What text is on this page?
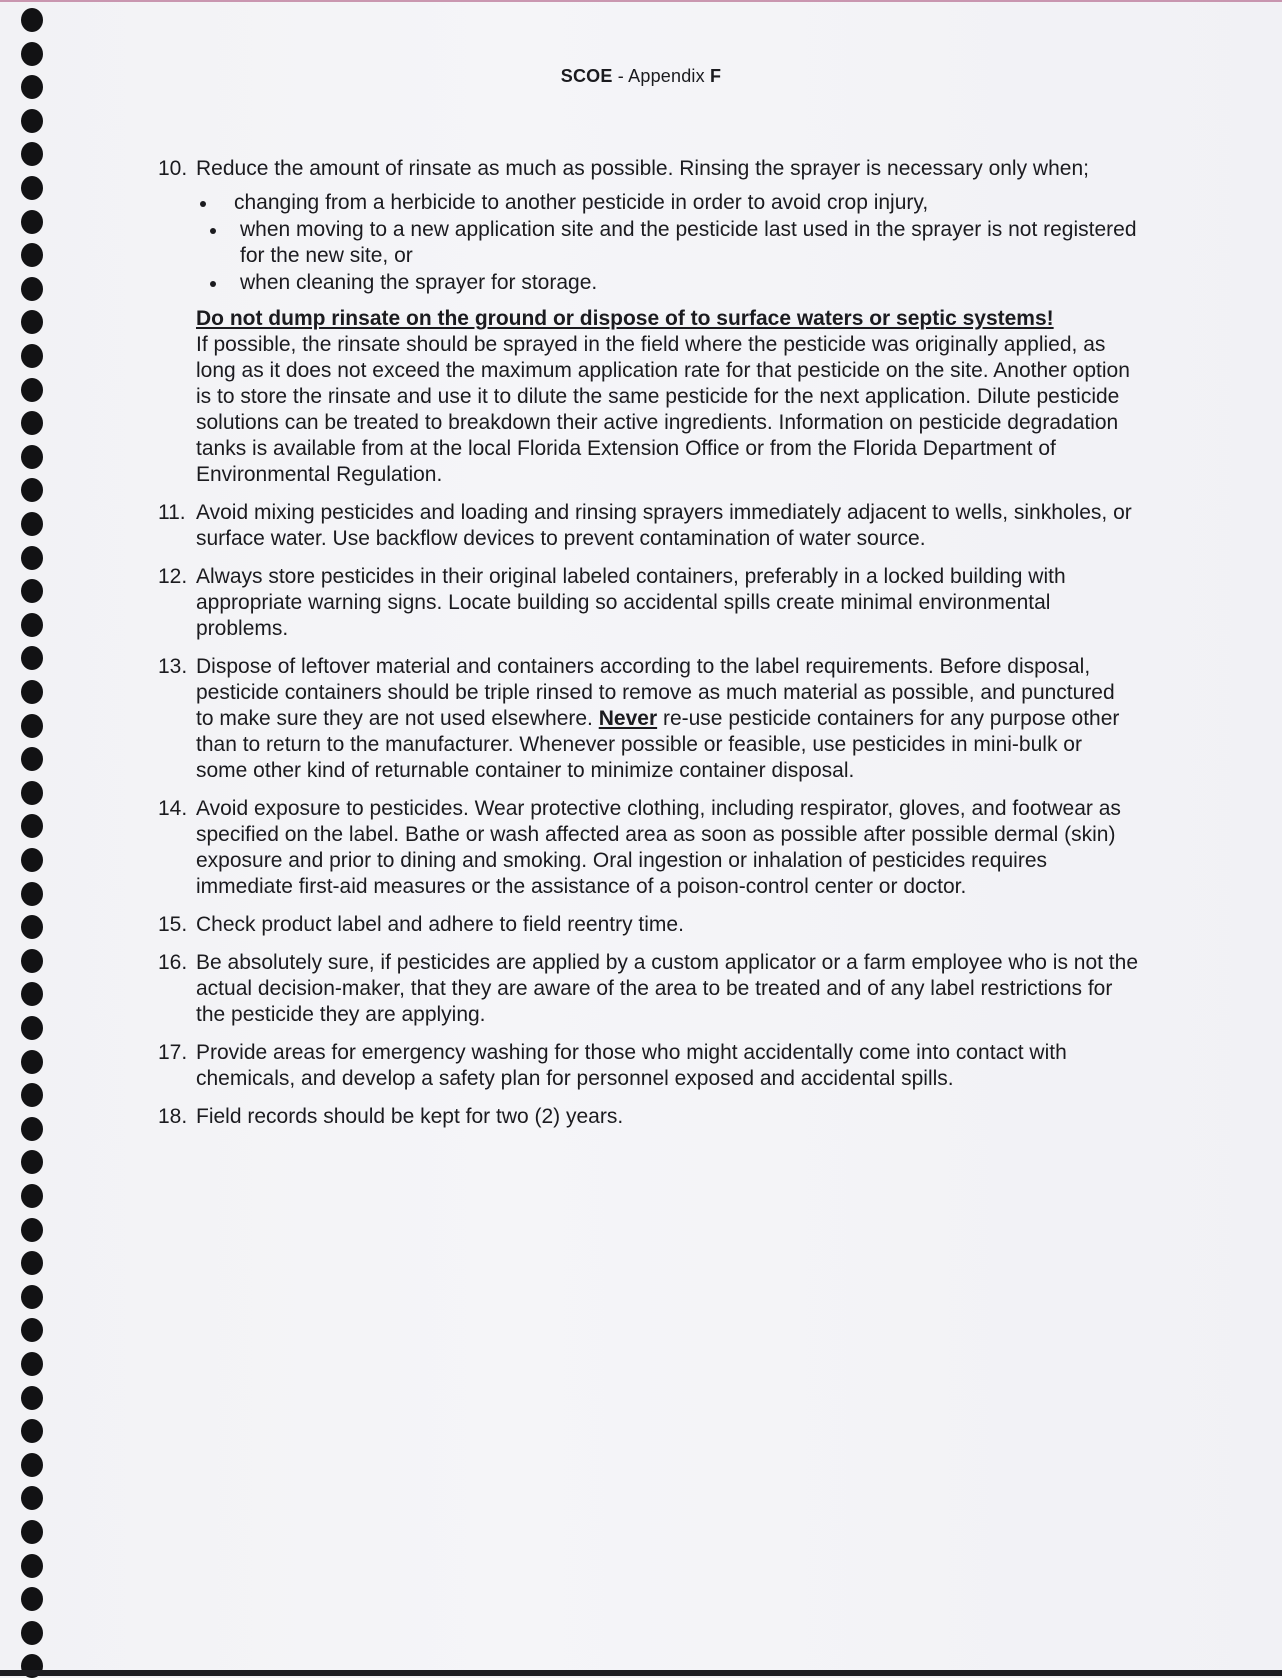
SCOE - Appendix F
10. Reduce the amount of rinsate as much as possible. Rinsing the sprayer is necessary only when;
changing from a herbicide to another pesticide in order to avoid crop injury,
when moving to a new application site and the pesticide last used in the sprayer is not registered for the new site, or
when cleaning the sprayer for storage.
Do not dump rinsate on the ground or dispose of to surface waters or septic systems!
If possible, the rinsate should be sprayed in the field where the pesticide was originally applied, as long as it does not exceed the maximum application rate for that pesticide on the site. Another option is to store the rinsate and use it to dilute the same pesticide for the next application. Dilute pesticide solutions can be treated to breakdown their active ingredients. Information on pesticide degradation tanks is available from at the local Florida Extension Office or from the Florida Department of Environmental Regulation.
11. Avoid mixing pesticides and loading and rinsing sprayers immediately adjacent to wells, sinkholes, or surface water. Use backflow devices to prevent contamination of water source.
12. Always store pesticides in their original labeled containers, preferably in a locked building with appropriate warning signs. Locate building so accidental spills create minimal environmental problems.
13. Dispose of leftover material and containers according to the label requirements. Before disposal, pesticide containers should be triple rinsed to remove as much material as possible, and punctured to make sure they are not used elsewhere. Never re-use pesticide containers for any purpose other than to return to the manufacturer. Whenever possible or feasible, use pesticides in mini-bulk or some other kind of returnable container to minimize container disposal.
14. Avoid exposure to pesticides. Wear protective clothing, including respirator, gloves, and footwear as specified on the label. Bathe or wash affected area as soon as possible after possible dermal (skin) exposure and prior to dining and smoking. Oral ingestion or inhalation of pesticides requires immediate first-aid measures or the assistance of a poison-control center or doctor.
15. Check product label and adhere to field reentry time.
16. Be absolutely sure, if pesticides are applied by a custom applicator or a farm employee who is not the actual decision-maker, that they are aware of the area to be treated and of any label restrictions for the pesticide they are applying.
17. Provide areas for emergency washing for those who might accidentally come into contact with chemicals, and develop a safety plan for personnel exposed and accidental spills.
18. Field records should be kept for two (2) years.
